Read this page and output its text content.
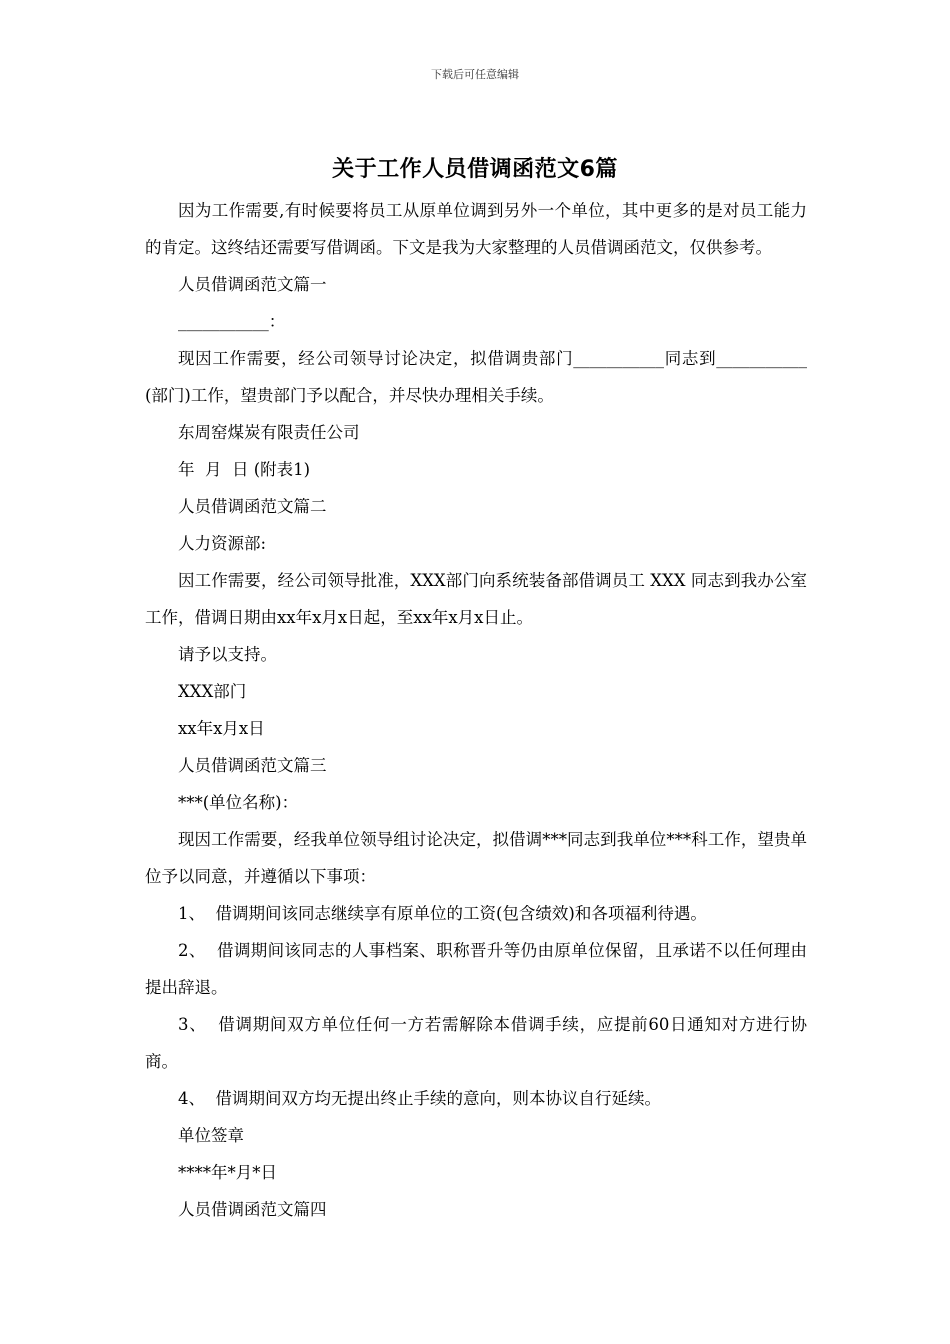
下载后可任意编辑
关于工作人员借调函范文6篇

因为工作需要,有时候要将员工从原单位调到另外一个单位，其中更多的是对员工能力的肯定。这终结还需要写借调函。下文是我为大家整理的人员借调函范文，仅供参考。

人员借调函范文篇一

___________：

现因工作需要，经公司领导讨论决定，拟借调贵部门___________同志到___________(部门)工作，望贵部门予以配合，并尽快办理相关手续。

东周窑煤炭有限责任公司

年  月  日 (附表1)

人员借调函范文篇二

人力资源部:

因工作需要，经公司领导批准，XXX部门向系统装备部借调员工 XXX 同志到我办公室工作，借调日期由xx年x月x日起，至xx年x月x日止。

请予以支持。

XXX部门

xx年x月x日

人员借调函范文篇三

***(单位名称)：

现因工作需要，经我单位领导组讨论决定，拟借调***同志到我单位***科工作，望贵单位予以同意，并遵循以下事项：

1、  借调期间该同志继续享有原单位的工资(包含绩效)和各项福利待遇。

2、  借调期间该同志的人事档案、职称晋升等仍由原单位保留，且承诺不以任何理由提出辞退。

3、  借调期间双方单位任何一方若需解除本借调手续，应提前60日通知对方进行协商。

4、  借调期间双方均无提出终止手续的意向，则本协议自行延续。

单位签章

****年*月*日

人员借调函范文篇四
